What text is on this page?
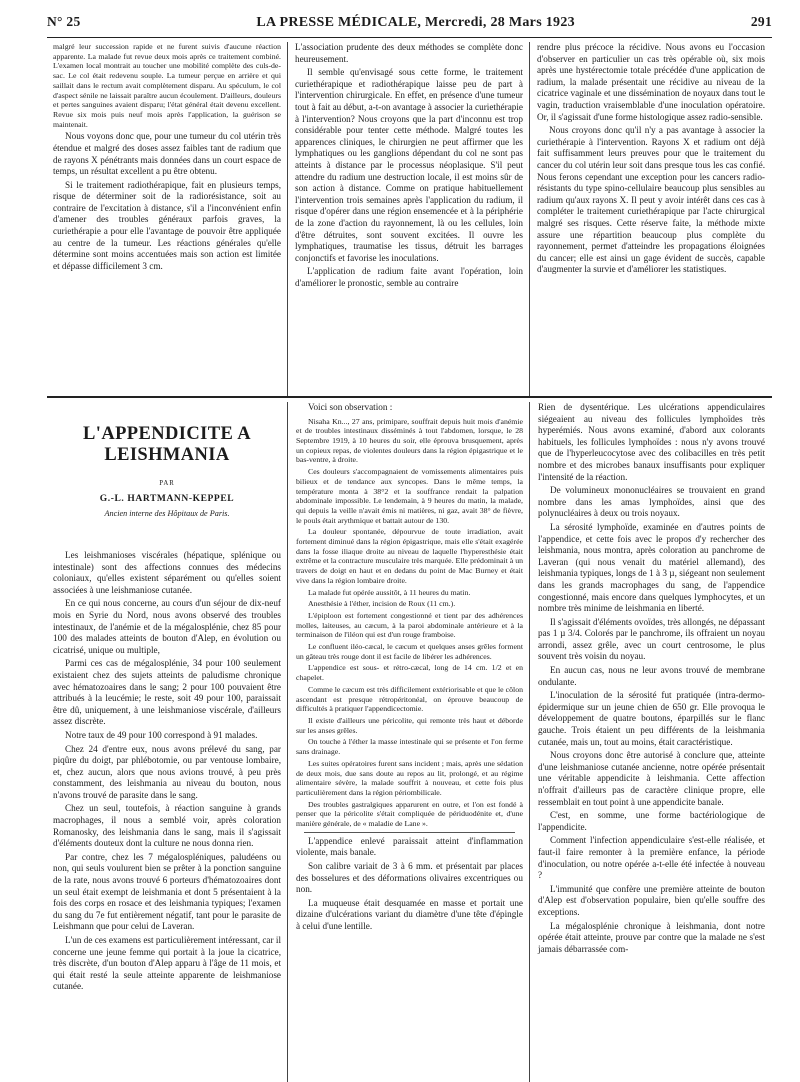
N° 25	LA PRESSE MÉDICALE, Mercredi, 28 Mars 1923	291

malgré leur succession rapide et ne furent suivis d'aucune réaction apparente. La malade fut revue deux mois après ce traitement combiné. L'examen local montrait au toucher une mobilité complète des culs-de-sac. Le col était redevenu souple. La tumeur perçue en arrière et qui saillait dans le rectum avait complètement disparu. Au spéculum, le col d'aspect sénile ne laissait paraître aucun écoulement. D'ailleurs, douleurs et pertes sanguines avaient disparu; l'état général était devenu excellent. Revue six mois puis neuf mois après l'application, la guérison se maintenait.

Nous voyons donc que, pour une tumeur du col utérin très étendue et malgré des doses assez faibles tant de radium que de rayons X pénétrants mais données dans un court espace de temps, un résultat excellent a pu être obtenu.

Si le traitement radiothérapique, fait en plusieurs temps, risque de déterminer soit de la radiorésistance, soit au contraire de l'excitation à distance, s'il a l'inconvénient enfin d'amener des troubles généraux parfois graves, la curiethérapie a pour elle l'avantage de pouvoir être appliquée au centre de la tumeur. Les réactions générales qu'elle détermine sont moins accentuées mais son action est limitée et dépasse difficilement 3 cm.

L'association prudente des deux méthodes se complète donc heureusement.

Il semble qu'envisagé sous cette forme, le traitement curiethérapique et radiothérapique laisse peu de part à l'intervention chirurgicale. En effet, en présence d'une tumeur tout à fait au début, a-t-on avantage à associer la curiethérapie à l'intervention? Nous croyons que la part d'inconnu est trop considérable pour tenter cette méthode. Malgré toutes les apparences cliniques, le chirurgien ne peut affirmer que les lymphatiques ou les ganglions dépendant du col ne sont pas atteints à distance par le processus néoplasique. S'il peut attendre du radium une destruction locale, il est moins sûr de son action à distance. Comme on pratique habituellement l'intervention trois semaines après l'application du radium, il risque d'opérer dans une région ensemencée et à la périphérie de la zone d'action du rayonnement, là ou les cellules, loin d'être détruites, sont souvent excitées. Il ouvre les lymphatiques, traumatise les tissus, détruit les barrages conjonctifs et favorise les inoculations.

L'application de radium faite avant l'opération, loin d'améliorer le pronostic, semble au contraire

rendre plus précoce la récidive. Nous avons eu l'occasion d'observer en particulier un cas très opérable où, six mois après une hystérectomie totale précédée d'une application de radium, la malade présentait une récidive au niveau de la cicatrice vaginale et une dissémination de noyaux dans tout le vagin, traduction vraisemblable d'une inoculation opératoire. Or, il s'agissait d'une forme histologique assez radio-sensible.

Nous croyons donc qu'il n'y a pas avantage à associer la curiethérapie à l'intervention. Rayons X et radium ont déjà fait suffisamment leurs preuves pour que le traitement du cancer du col utérin leur soit dans presque tous les cas confié. Nous ferons cependant une exception pour les cancers radio-résistants du type spino-cellulaire beaucoup plus sensibles au radium qu'aux rayons X. Il peut y avoir intérêt dans ces cas à compléter le traitement curiethérapique par l'acte chirurgical malgré ses risques. Cette réserve faite, la méthode mixte assure une répartition beaucoup plus complète du rayonnement, permet d'atteindre les propagations éloignées du cancer; elle est ainsi un gage évident de succès, capable d'augmenter la survie et d'améliorer les statistiques.

L'APPENDICITE A LEISHMANIA
PAR
G.-L. HARTMANN-KEPPEL
Ancien interne des Hôpitaux de Paris.

Les leishmanioses viscérales (hépatique, splénique ou intestinale) sont des affections connues des médecins coloniaux, qu'elles existent séparément ou qu'elles soient associées à une leishmaniose cutanée.

En ce qui nous concerne, au cours d'un séjour de dix-neuf mois en Syrie du Nord, nous avons observé des troubles intestinaux, de l'anémie et de la mégalosplénie, chez 85 pour 100 des malades atteints de bouton d'Alep, en évolution ou cicatrisé, unique ou multiple,

Parmi ces cas de mégalosplénie, 34 pour 100 seulement existaient chez des sujets atteints de paludisme chronique avec hématozoaires dans le sang; 2 pour 100 pouvaient être attribués à la leucémie; le reste, soit 49 pour 100, paraissait être dû, uniquement, à une leishmaniose viscérale, d'ailleurs assez discrète.

Notre taux de 49 pour 100 correspond à 91 malades.

Chez 24 d'entre eux, nous avons prélevé du sang, par piqûre du doigt, par phlébotomie, ou par ventouse lombaire, et, chez aucun, alors que nous avions trouvé, à peu près constamment, des leishmania au niveau du bouton, nous n'avons trouvé de parasite dans le sang.

Chez un seul, toutefois, à réaction sanguine à grands macrophages, il nous a semblé voir, après coloration Romanosky, des leishmania dans le sang, mais il s'agissait d'éléments douteux dont la culture ne nous donna rien.

Par contre, chez les 7 mégalospléniques, paludéens ou non, qui seuls voulurent bien se prêter à la ponction sanguine de la rate, nous avons trouvé 6 porteurs d'hématozoaires dont un seul était exempt de leishmania et dont 5 présentaient à la fois des corps en rosace et des leishmania typiques; l'examen du sang du 7e fut entièrement négatif, tant pour le parasite de Leishmann que pour celui de Laveran.

L'un de ces examens est particulièrement intéressant, car il concerne une jeune femme qui portait à la joue la cicatrice, très discrète, d'un bouton d'Alep apparu à l'âge de 11 mois, et qui était resté la seule atteinte apparente de leishmaniose cutanée.

Voici son observation :

Nisaha Kn..., 27 ans, primipare, souffrait depuis huit mois d'anémie et de troubles intestinaux disséminés à tout l'abdomen, lorsque, le 28 Septembre 1919, à 10 heures du soir, elle éprouva brusquement, après un copieux repas, de violentes douleurs dans la région épigastrique et le bas-ventre, à droite.

Ces douleurs s'accompagnaient de vomissements alimentaires puis bilieux et de tendance aux syncopes. Dans le même temps, la température monta à 38°2 et la souffrance rendait la palpation abdominale impossible. Le lendemain, à 9 heures du matin, la malade, qui depuis la veille n'avait émis ni matières, ni gaz, avait 38° de fièvre, le pouls était arythmique et battait autour de 130.

La douleur spontanée, dépourvue de toute irradiation, avait fortement diminué dans la région épigastrique, mais elle s'était exagérée dans la fosse iliaque droite au niveau de laquelle l'hyperesthésie était extrême et la contracture musculaire très marquée. Elle prédominait à un travers de doigt en haut et en dedans du point de Mac Burney et était vive dans la région lombaire droite.

La malade fut opérée aussitôt, à 11 heures du matin.

Anesthésie à l'éther, incision de Roux (11 cm.).

L'épiploon est fortement congestionné et tient par des adhérences molles, laiteuses, au cæcum, à la paroi abdominale antérieure et à la terminaison de l'iléon qui est d'un rouge framboise.

Le confluent iléo-cæcal, le cæcum et quelques anses grêles forment un gâteau très rouge dont il est facile de libérer les adhérences.

L'appendice est sous- et rétro-cæcal, long de 14 cm. 1/2 et en chapelet.

Comme le cæcum est très difficilement extériorisable et que le côlon ascendant est presque rétropéritonéal, on éprouve beaucoup de difficultés à pratiquer l'appendicectomie.

Il existe d'ailleurs une péricolite, qui remonte très haut et déborde sur les anses grêles.

On touche à l'éther la masse intestinale qui se présente et l'on ferme sans drainage.

Les suites opératoires furent sans incident ; mais, après une sédation de deux mois, due sans doute au repos au lit, prolongé, et au régime alimentaire sévère, la malade souffrit à nouveau, et cette fois plus particulièrement dans la région périombilicale.

Des troubles gastralgiques apparurent en outre, et l'on est fondé à penser que la péricolite s'était compliquée de périduodénite et, d'une manière générale, de « maladie de Lane ».

L'appendice enlevé paraissait atteint d'inflammation violente, mais banale.

Son calibre variait de 3 à 6 mm. et présentait par places des bosselures et des déformations olivaires excentriques ou non.

La muqueuse était desquamée en masse et portait une dizaine d'ulcérations variant du diamètre d'une tête d'épingle à celui d'une lentille.

Rien de dysentérique. Les ulcérations appendiculaires siégeaient au niveau des follicules lymphoïdes très hyperémiés. Nous avons examiné, d'abord aux colorants habituels, les follicules lymphoïdes : nous n'y avons trouvé que de l'hyperleucocytose avec des colibacilles en très petit nombre et des microbes banaux insuffisants pour expliquer l'intensité de la réaction.

De volumineux mononucléaires se trouvaient en grand nombre dans les amas lymphoïdes, ainsi que des polynucléaires à deux ou trois noyaux.

La sérosité lymphoïde, examinée en d'autres points de l'appendice, et cette fois avec le propos d'y rechercher des leishmania, nous montra, après coloration au panchrome de Laveran (qui nous venait du matériel allemand), des leishmania typiques, longs de 1 à 3 µ, siégeant non seulement dans les grands macrophages du sang, de l'appendice congestionné, mais encore dans quelques lymphocytes, et un nombre très minime de leishmania en liberté.

Il s'agissait d'éléments ovoïdes, très allongés, ne dépassant pas 1 µ 3/4. Colorés par le panchrome, ils offraient un noyau arrondi, assez grêle, avec un court centrosome, le plus souvent très voisin du noyau.

En aucun cas, nous ne leur avons trouvé de membrane ondulante.

L'inoculation de la sérosité fut pratiquée (intra-dermo-épidermique sur un jeune chien de 650 gr. Elle provoqua le développement de quatre boutons, éparpillés sur le flanc gauche. Trois étaient un peu différents de la leishmania cutanée, mais un, tout au moins, était caractéristique.

Nous croyons donc être autorisé à conclure que, atteinte d'une leishmaniose cutanée ancienne, notre opérée présentait une véritable appendicite à leishmania. Cette affection n'offrait d'ailleurs pas de caractère clinique propre, elle ressemblait en tout point à une appendicite banale.

C'est, en somme, une forme bactériologique de l'appendicite.

Comment l'infection appendiculaire s'est-elle réalisée, et faut-il faire remonter à la première enfance, la période d'inoculation, ou notre opérée a-t-elle été infectée à nouveau ?

L'immunité que confère une première atteinte de bouton d'Alep est d'observation populaire, bien qu'elle souffre des exceptions.

La mégalosplénie chronique à leishmania, dont notre opérée était atteinte, prouve par contre que la malade ne s'est jamais débarrassée com-
